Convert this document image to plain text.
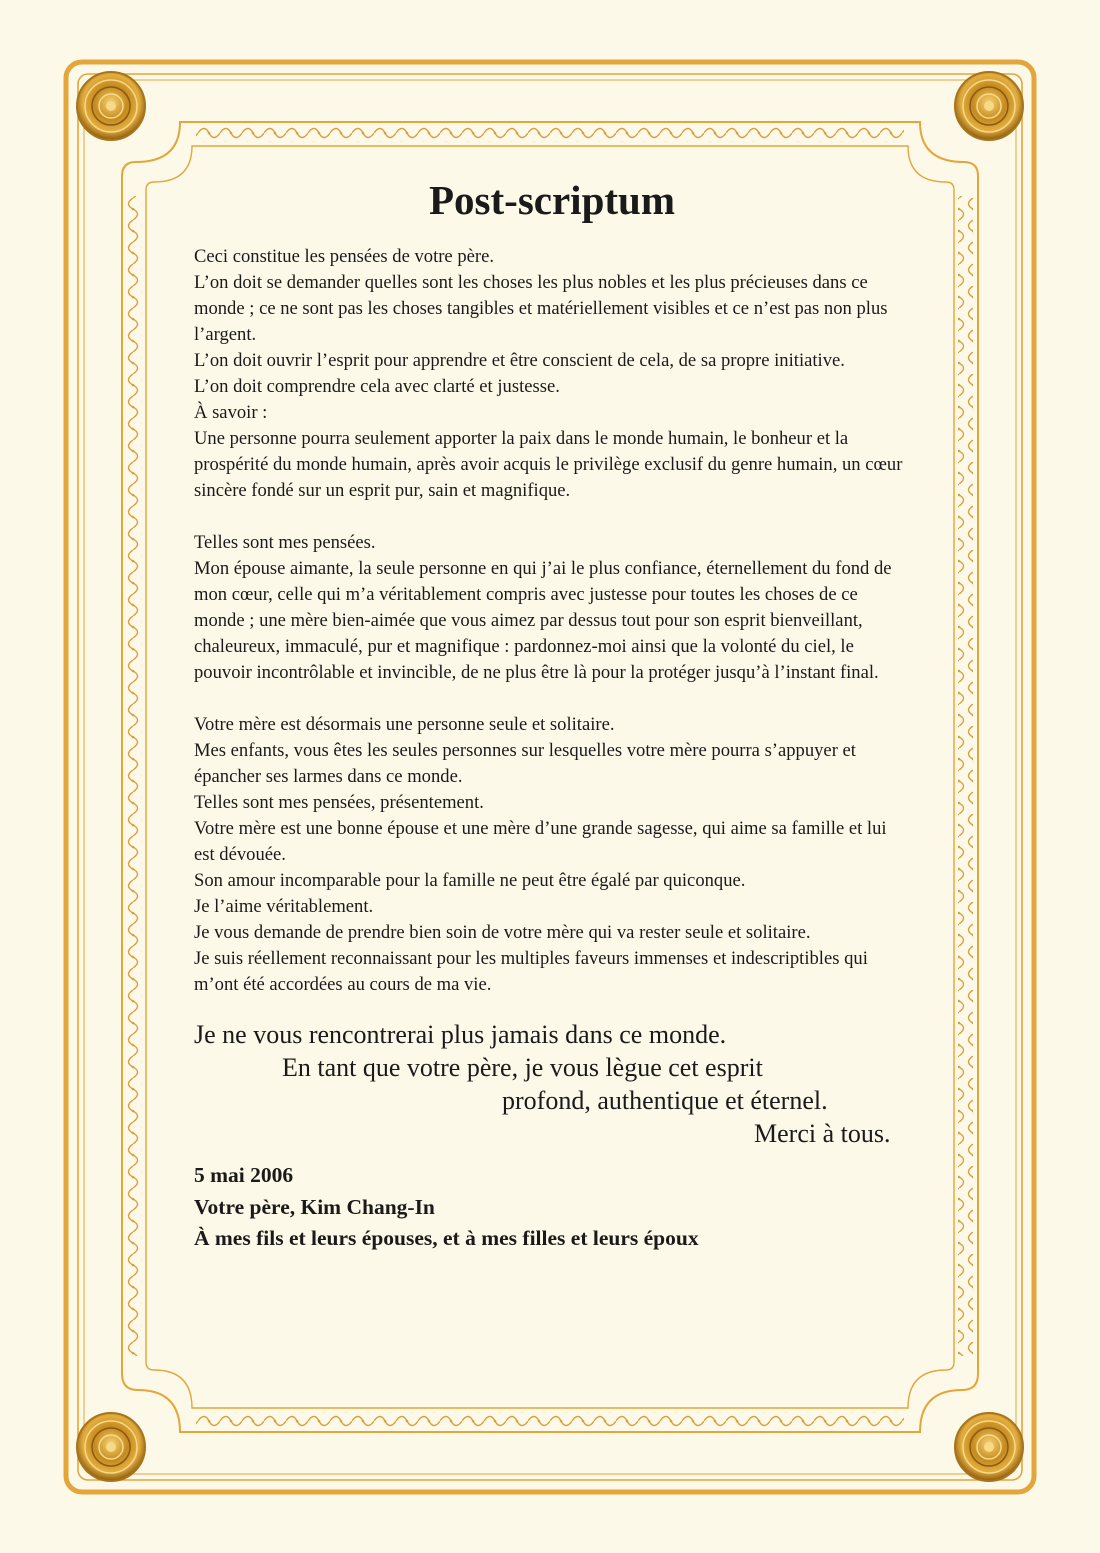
Post-scriptum

Ceci constitue les pensées de votre père.

L’on doit se demander quelles sont les choses les plus nobles et les plus précieuses dans ce monde ; ce ne sont pas les choses tangibles et matériellement visibles et ce n’est pas non plus l’argent.

L’on doit ouvrir l’esprit pour apprendre et être conscient de cela, de sa propre initiative.

L’on doit comprendre cela avec clarté et justesse.

À savoir :

Une personne pourra seulement apporter la paix dans le monde humain, le bonheur et la prospérité du monde humain, après avoir acquis le privilège exclusif du genre humain, un cœur sincère fondé sur un esprit pur, sain et magnifique.

Telles sont mes pensées.

Mon épouse aimante, la seule personne en qui j’ai le plus confiance, éternellement du fond de mon cœur, celle qui m’a véritablement compris avec justesse pour toutes les choses de ce monde ; une mère bien-aimée que vous aimez par dessus tout pour son esprit bienveillant, chaleureux, immaculé, pur et magnifique : pardonnez-moi ainsi que la volonté du ciel, le pouvoir incontrôlable et invincible, de ne plus être là pour la protéger jusqu’à l’instant final.

Votre mère est désormais une personne seule et solitaire.

Mes enfants, vous êtes les seules personnes sur lesquelles votre mère pourra s’appuyer et épancher ses larmes dans ce monde.

Telles sont mes pensées, présentement.

Votre mère est une bonne épouse et une mère d’une grande sagesse, qui aime sa famille et lui est dévouée.

Son amour incomparable pour la famille ne peut être égalé par quiconque.

Je l’aime véritablement.

Je vous demande de prendre bien soin de votre mère qui va rester seule et solitaire.

Je suis réellement reconnaissant pour les multiples faveurs immenses et indescriptibles qui m’ont été accordées au cours de ma vie.

Je ne vous rencontrerai plus jamais dans ce monde.
En tant que votre père, je vous lègue cet esprit
profond, authentique et éternel.
Merci à tous.
5 mai 2006
Votre père, Kim Chang-In
À mes fils et leurs épouses, et à mes filles et leurs époux
